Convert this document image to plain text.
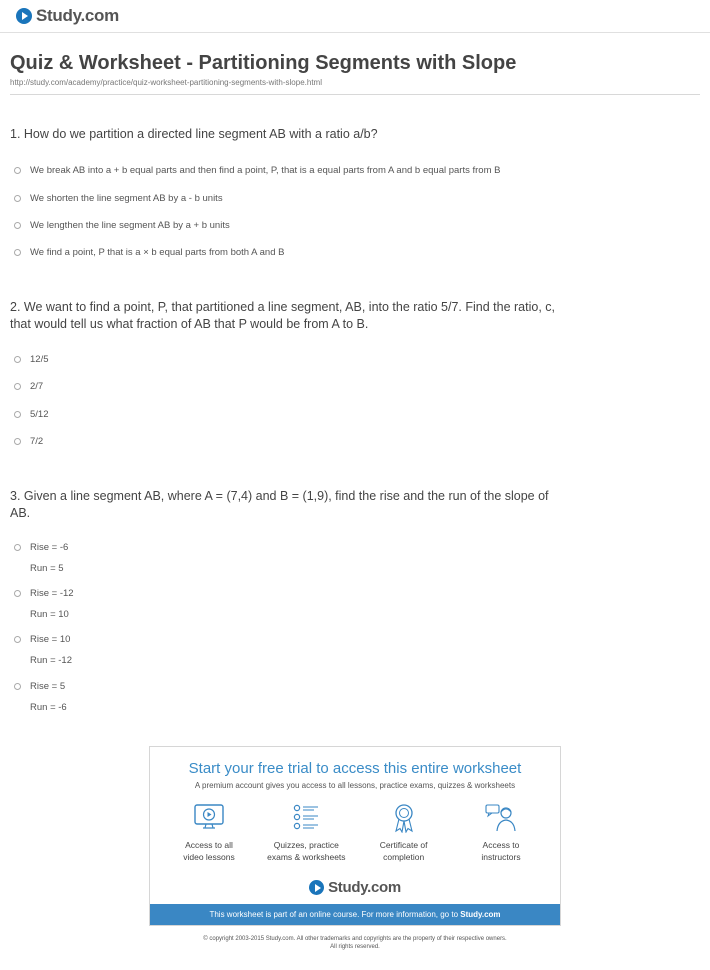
Study.com
Quiz & Worksheet - Partitioning Segments with Slope
http://study.com/academy/practice/quiz-worksheet-partitioning-segments-with-slope.html
1. How do we partition a directed line segment AB with a ratio a/b?
We break AB into a + b equal parts and then find a point, P, that is a equal parts from A and b equal parts from B
We shorten the line segment AB by a - b units
We lengthen the line segment AB by a + b units
We find a point, P that is a × b equal parts from both A and B
2. We want to find a point, P, that partitioned a line segment, AB, into the ratio 5/7. Find the ratio, c, that would tell us what fraction of AB that P would be from A to B.
12/5
2/7
5/12
7/2
3. Given a line segment AB, where A = (7,4) and B = (1,9), find the rise and the run of the slope of AB.
Rise = -6
Run = 5
Rise = -12
Run = 10
Rise = 10
Run = -12
Rise = 5
Run = -6
Start your free trial to access this entire worksheet
A premium account gives you access to all lessons, practice exams, quizzes & worksheets
Access to all
video lessons
Quizzes, practice
exams & worksheets
Certificate of
completion
Access to
instructors
Study.com
This worksheet is part of an online course. For more information, go to Study.com
© copyright 2003-2015 Study.com. All other trademarks and copyrights are the property of their respective owners.
All rights reserved.
